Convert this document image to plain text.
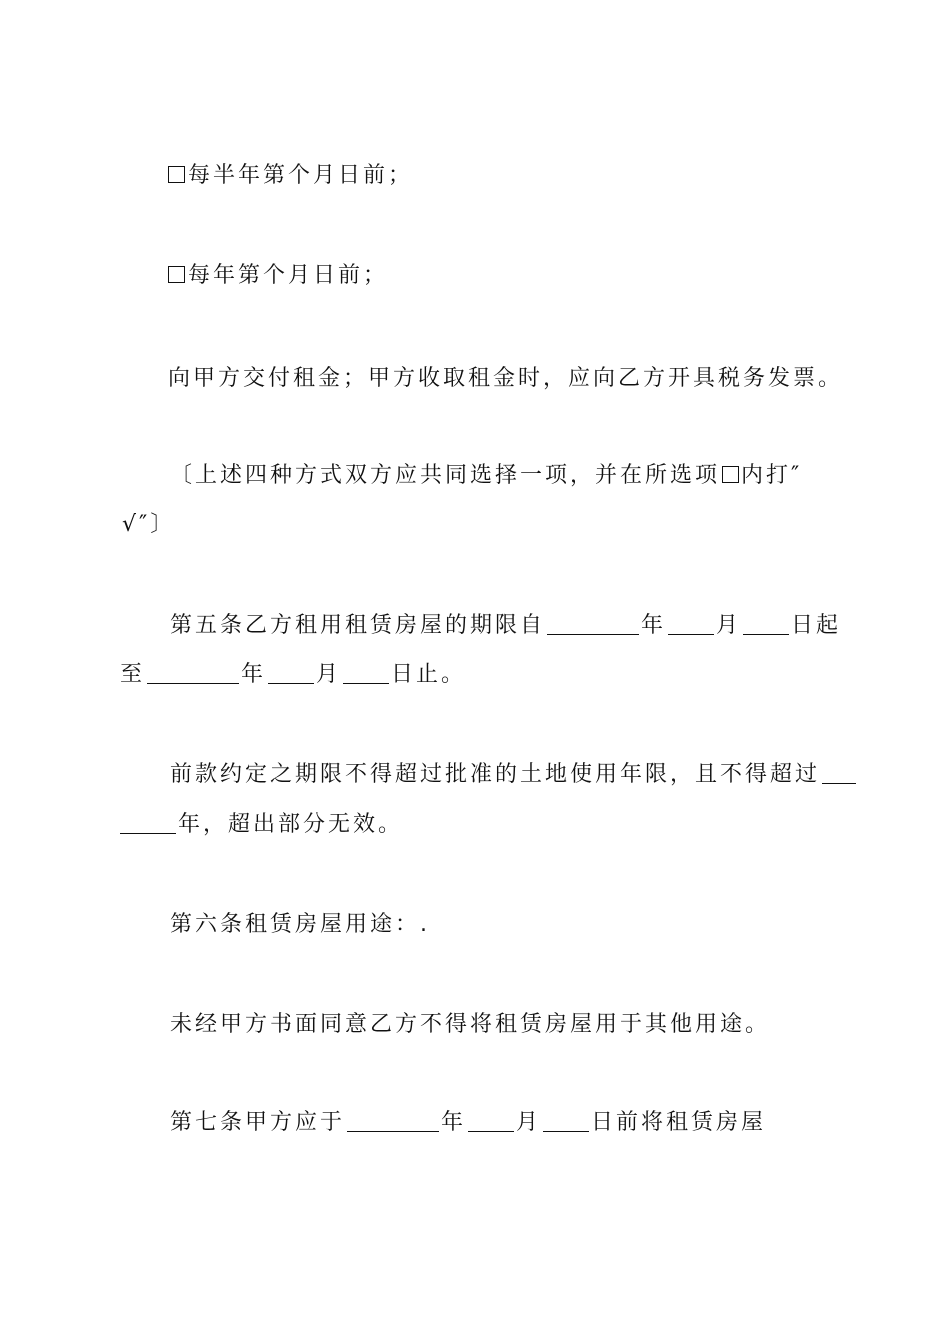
每半年第个月日前；
每年第个月日前；
向甲方交付租金；甲方收取租金时，应向乙方开具税务发票。
〔上述四种方式双方应共同选择一项，并在所选项 内打″
√″〕
第五条乙方租用租赁房屋的期限自	年 月 日起
至	年 月 日止。
前款约定之期限不得超过批准的土地使用年限，且不得超过
年，超出部分无效。
第六条租赁房屋用途：.
未经甲方书面同意乙方不得将租赁房屋用于其他用途。
第七条甲方应于	年 月 日前将租赁房屋
